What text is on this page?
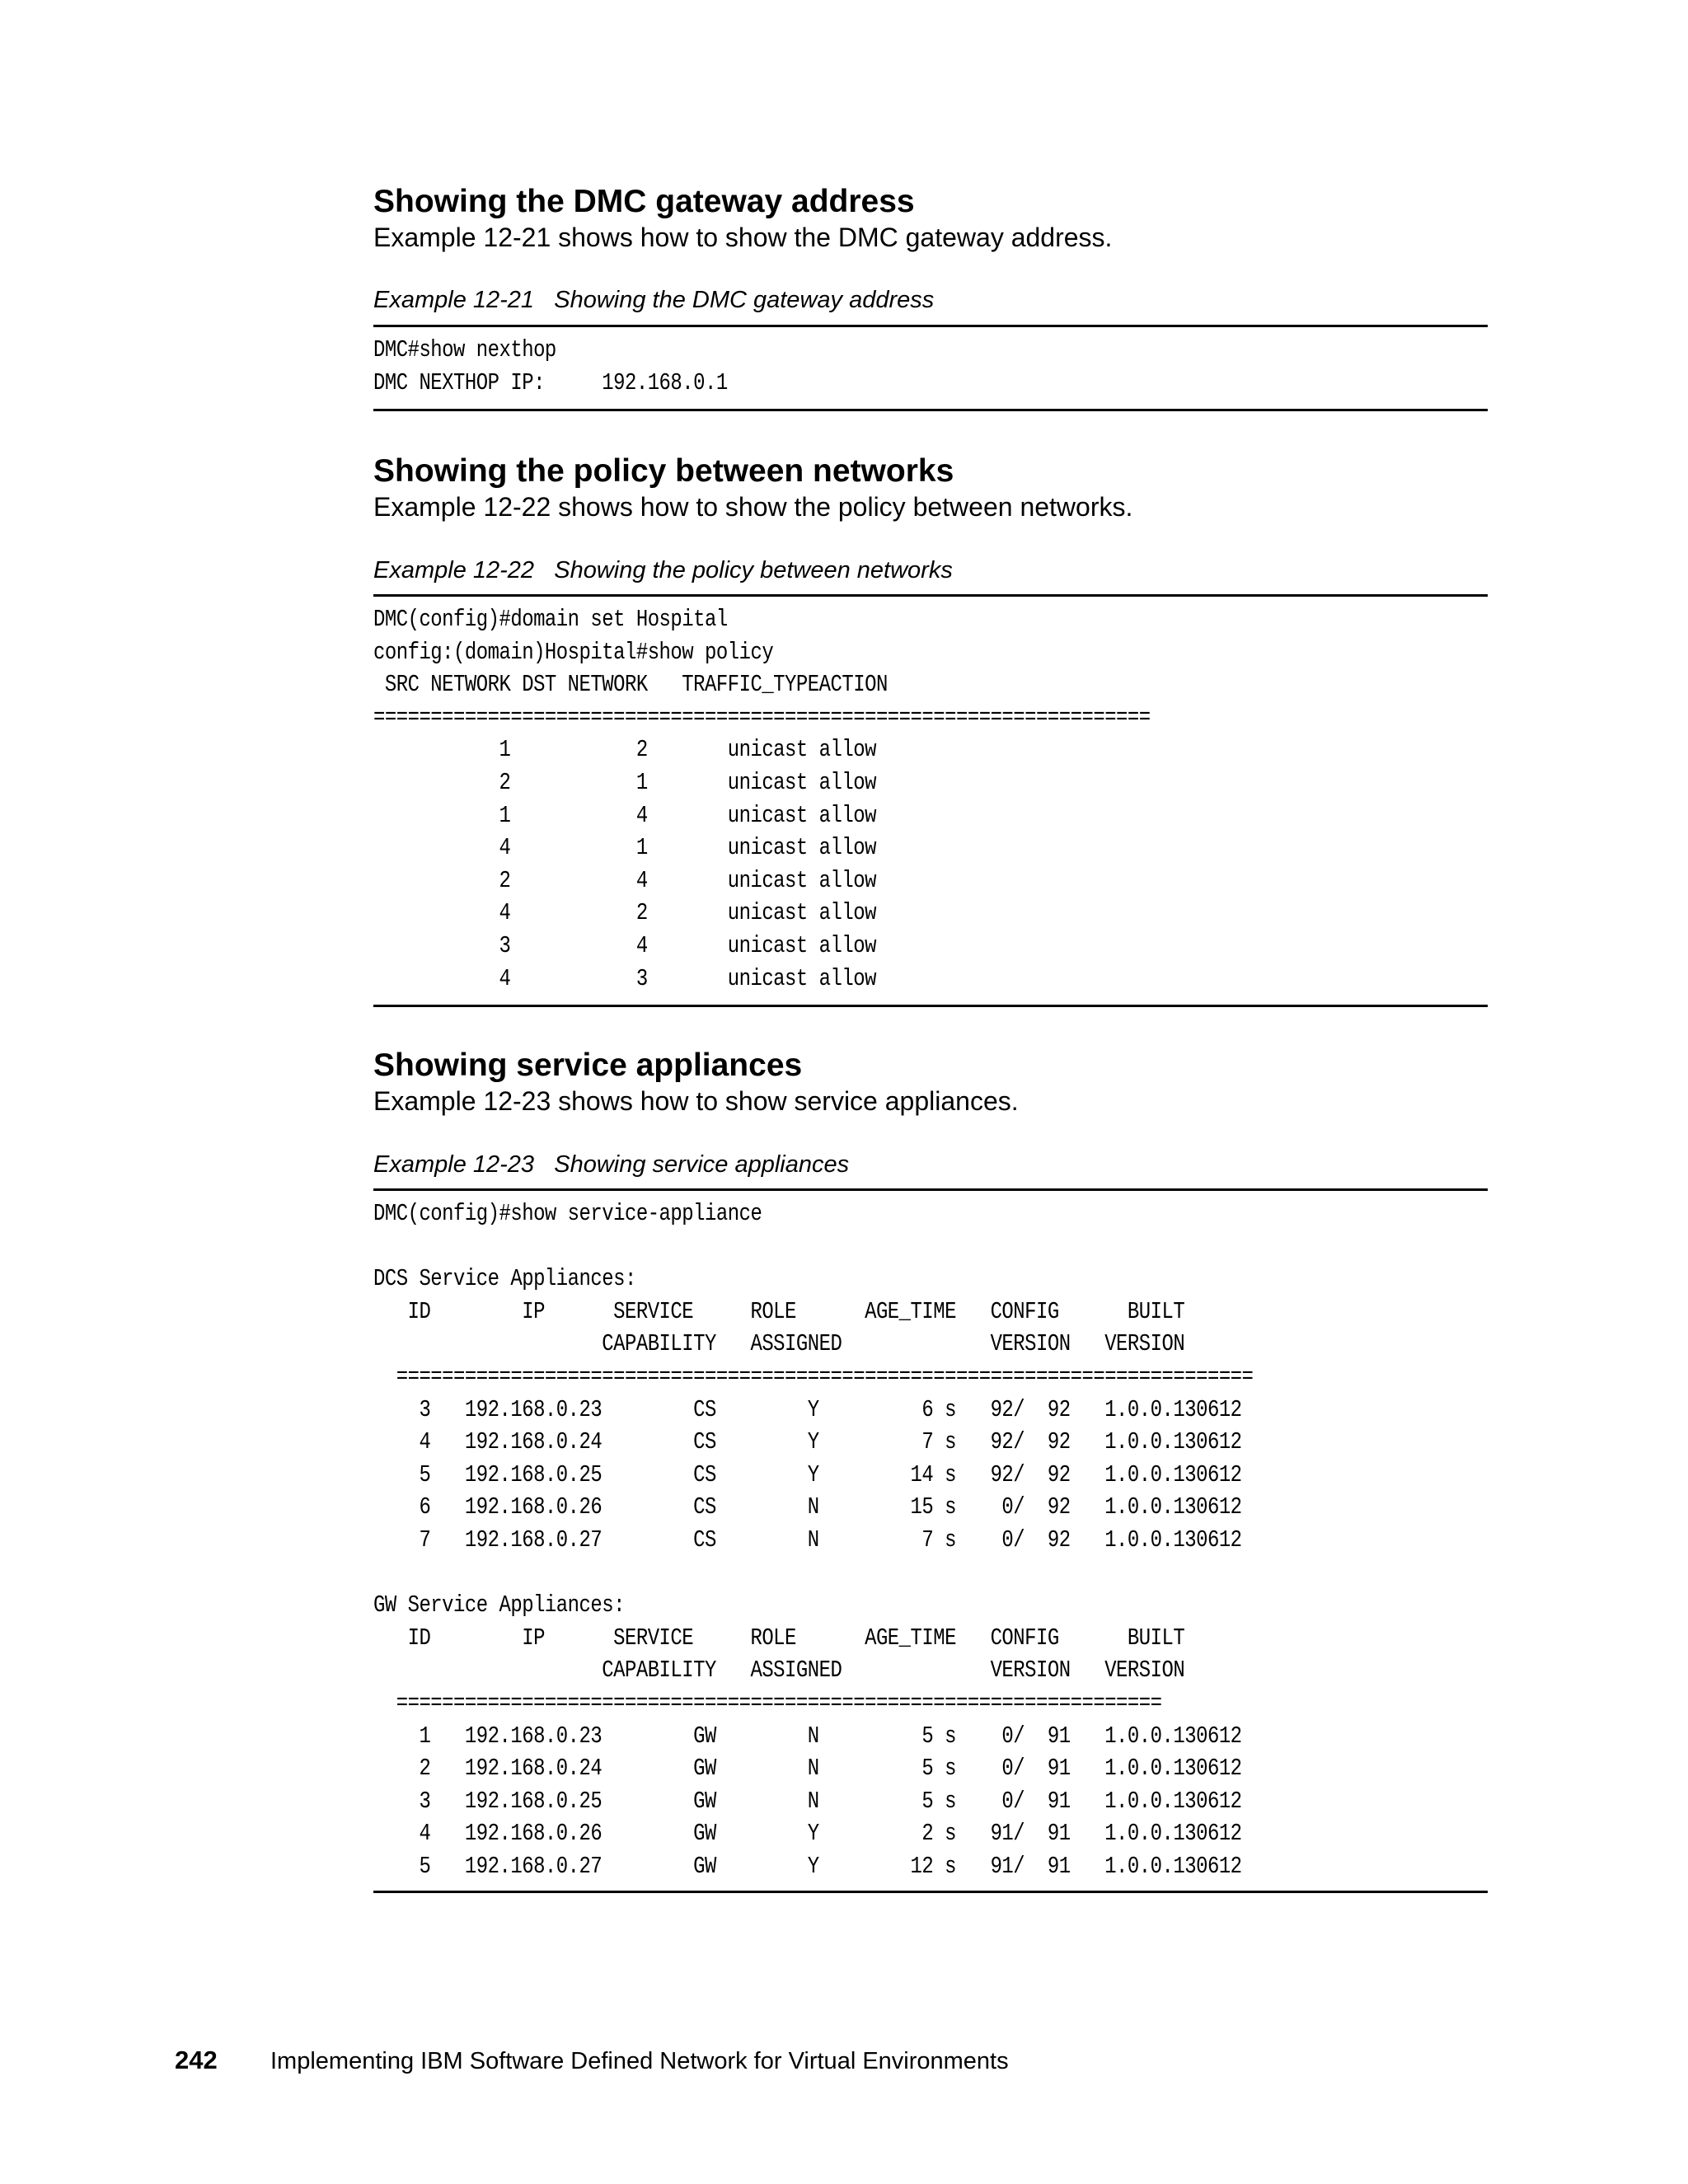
Showing the DMC gateway address

Example 12-21 shows how to show the DMC gateway address.

Example 12-21   Showing the DMC gateway address
DMC#show nexthop
DMC NEXTHOP IP:     192.168.0.1
Showing the policy between networks

Example 12-22 shows how to show the policy between networks.

Example 12-22   Showing the policy between networks
DMC(config)#domain set Hospital
config:(domain)Hospital#show policy
SRC NETWORK DST NETWORK   TRAFFIC_TYPEACTION
====================================================================
1           2       unicast allow
2           1       unicast allow
1           4       unicast allow
4           1       unicast allow
2           4       unicast allow
4           2       unicast allow
3           4       unicast allow
4           3       unicast allow
Showing service appliances

Example 12-23 shows how to show service appliances.

Example 12-23   Showing service appliances
DMC(config)#show service-appliance

DCS Service Appliances:
ID        IP      SERVICE     ROLE      AGE_TIME   CONFIG      BUILT
CAPABILITY   ASSIGNED             VERSION   VERSION
===========================================================================
3   192.168.0.23        CS        Y         6 s   92/  92   1.0.0.130612
4   192.168.0.24        CS        Y         7 s   92/  92   1.0.0.130612
5   192.168.0.25        CS        Y        14 s   92/  92   1.0.0.130612
6   192.168.0.26        CS        N        15 s    0/  92   1.0.0.130612
7   192.168.0.27        CS        N         7 s    0/  92   1.0.0.130612

GW Service Appliances:
ID        IP      SERVICE     ROLE      AGE_TIME   CONFIG      BUILT
CAPABILITY   ASSIGNED             VERSION   VERSION
===================================================================
1   192.168.0.23        GW        N         5 s    0/  91   1.0.0.130612
2   192.168.0.24        GW        N         5 s    0/  91   1.0.0.130612
3   192.168.0.25        GW        N         5 s    0/  91   1.0.0.130612
4   192.168.0.26        GW        Y         2 s   91/  91   1.0.0.130612
5   192.168.0.27        GW        Y        12 s   91/  91   1.0.0.130612
242 Implementing IBM Software Defined Network for Virtual Environments
